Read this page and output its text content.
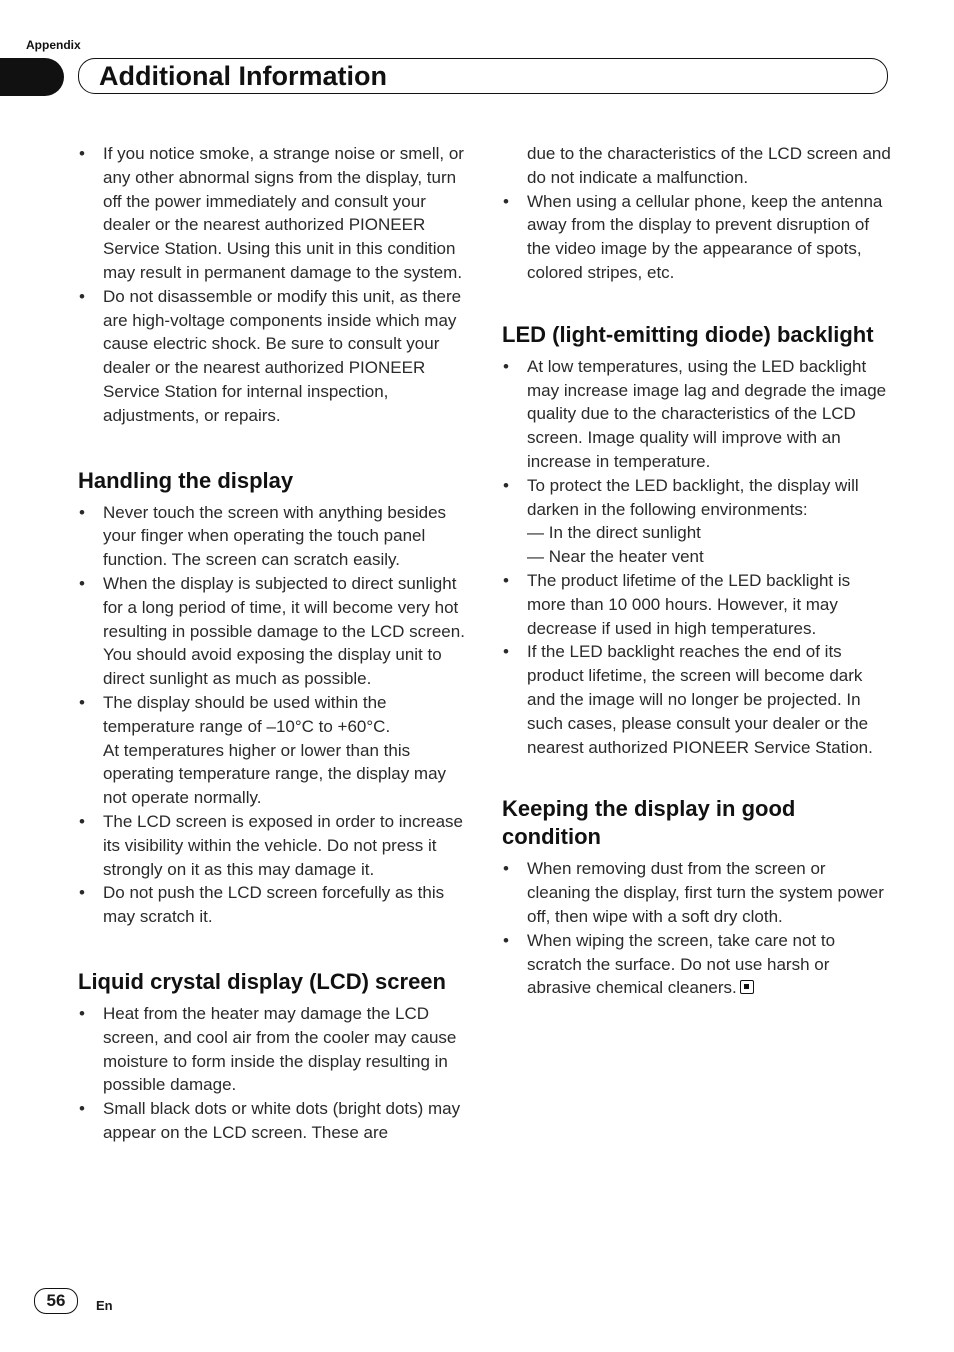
Appendix
Additional Information
• If you notice smoke, a strange noise or smell, or any other abnormal signs from the display, turn off the power immediately and consult your dealer or the nearest authorized PIONEER Service Station. Using this unit in this condition may result in permanent damage to the system.
• Do not disassemble or modify this unit, as there are high-voltage components inside which may cause electric shock. Be sure to consult your dealer or the nearest authorized PIONEER Service Station for internal inspection, adjustments, or repairs.
Handling the display
• Never touch the screen with anything besides your finger when operating the touch panel function. The screen can scratch easily.
• When the display is subjected to direct sunlight for a long period of time, it will become very hot resulting in possible damage to the LCD screen. You should avoid exposing the display unit to direct sunlight as much as possible.
• The display should be used within the temperature range of –10°C to +60°C.
At temperatures higher or lower than this operating temperature range, the display may not operate normally.
• The LCD screen is exposed in order to increase its visibility within the vehicle. Do not press it strongly on it as this may damage it.
• Do not push the LCD screen forcefully as this may scratch it.
Liquid crystal display (LCD) screen
• Heat from the heater may damage the LCD screen, and cool air from the cooler may cause moisture to form inside the display resulting in possible damage.
• Small black dots or white dots (bright dots) may appear on the LCD screen. These are
due to the characteristics of the LCD screen and do not indicate a malfunction.
• When using a cellular phone, keep the antenna away from the display to prevent disruption of the video image by the appearance of spots, colored stripes, etc.
LED (light-emitting diode) backlight
• At low temperatures, using the LED backlight may increase image lag and degrade the image quality due to the characteristics of the LCD screen. Image quality will improve with an increase in temperature.
• To protect the LED backlight, the display will darken in the following environments:
— In the direct sunlight
— Near the heater vent
• The product lifetime of the LED backlight is more than 10 000 hours. However, it may decrease if used in high temperatures.
• If the LED backlight reaches the end of its product lifetime, the screen will become dark and the image will no longer be projected. In such cases, please consult your dealer or the nearest authorized PIONEER Service Station.
Keeping the display in good condition
• When removing dust from the screen or cleaning the display, first turn the system power off, then wipe with a soft dry cloth.
• When wiping the screen, take care not to scratch the surface. Do not use harsh or abrasive chemical cleaners.
56	En
